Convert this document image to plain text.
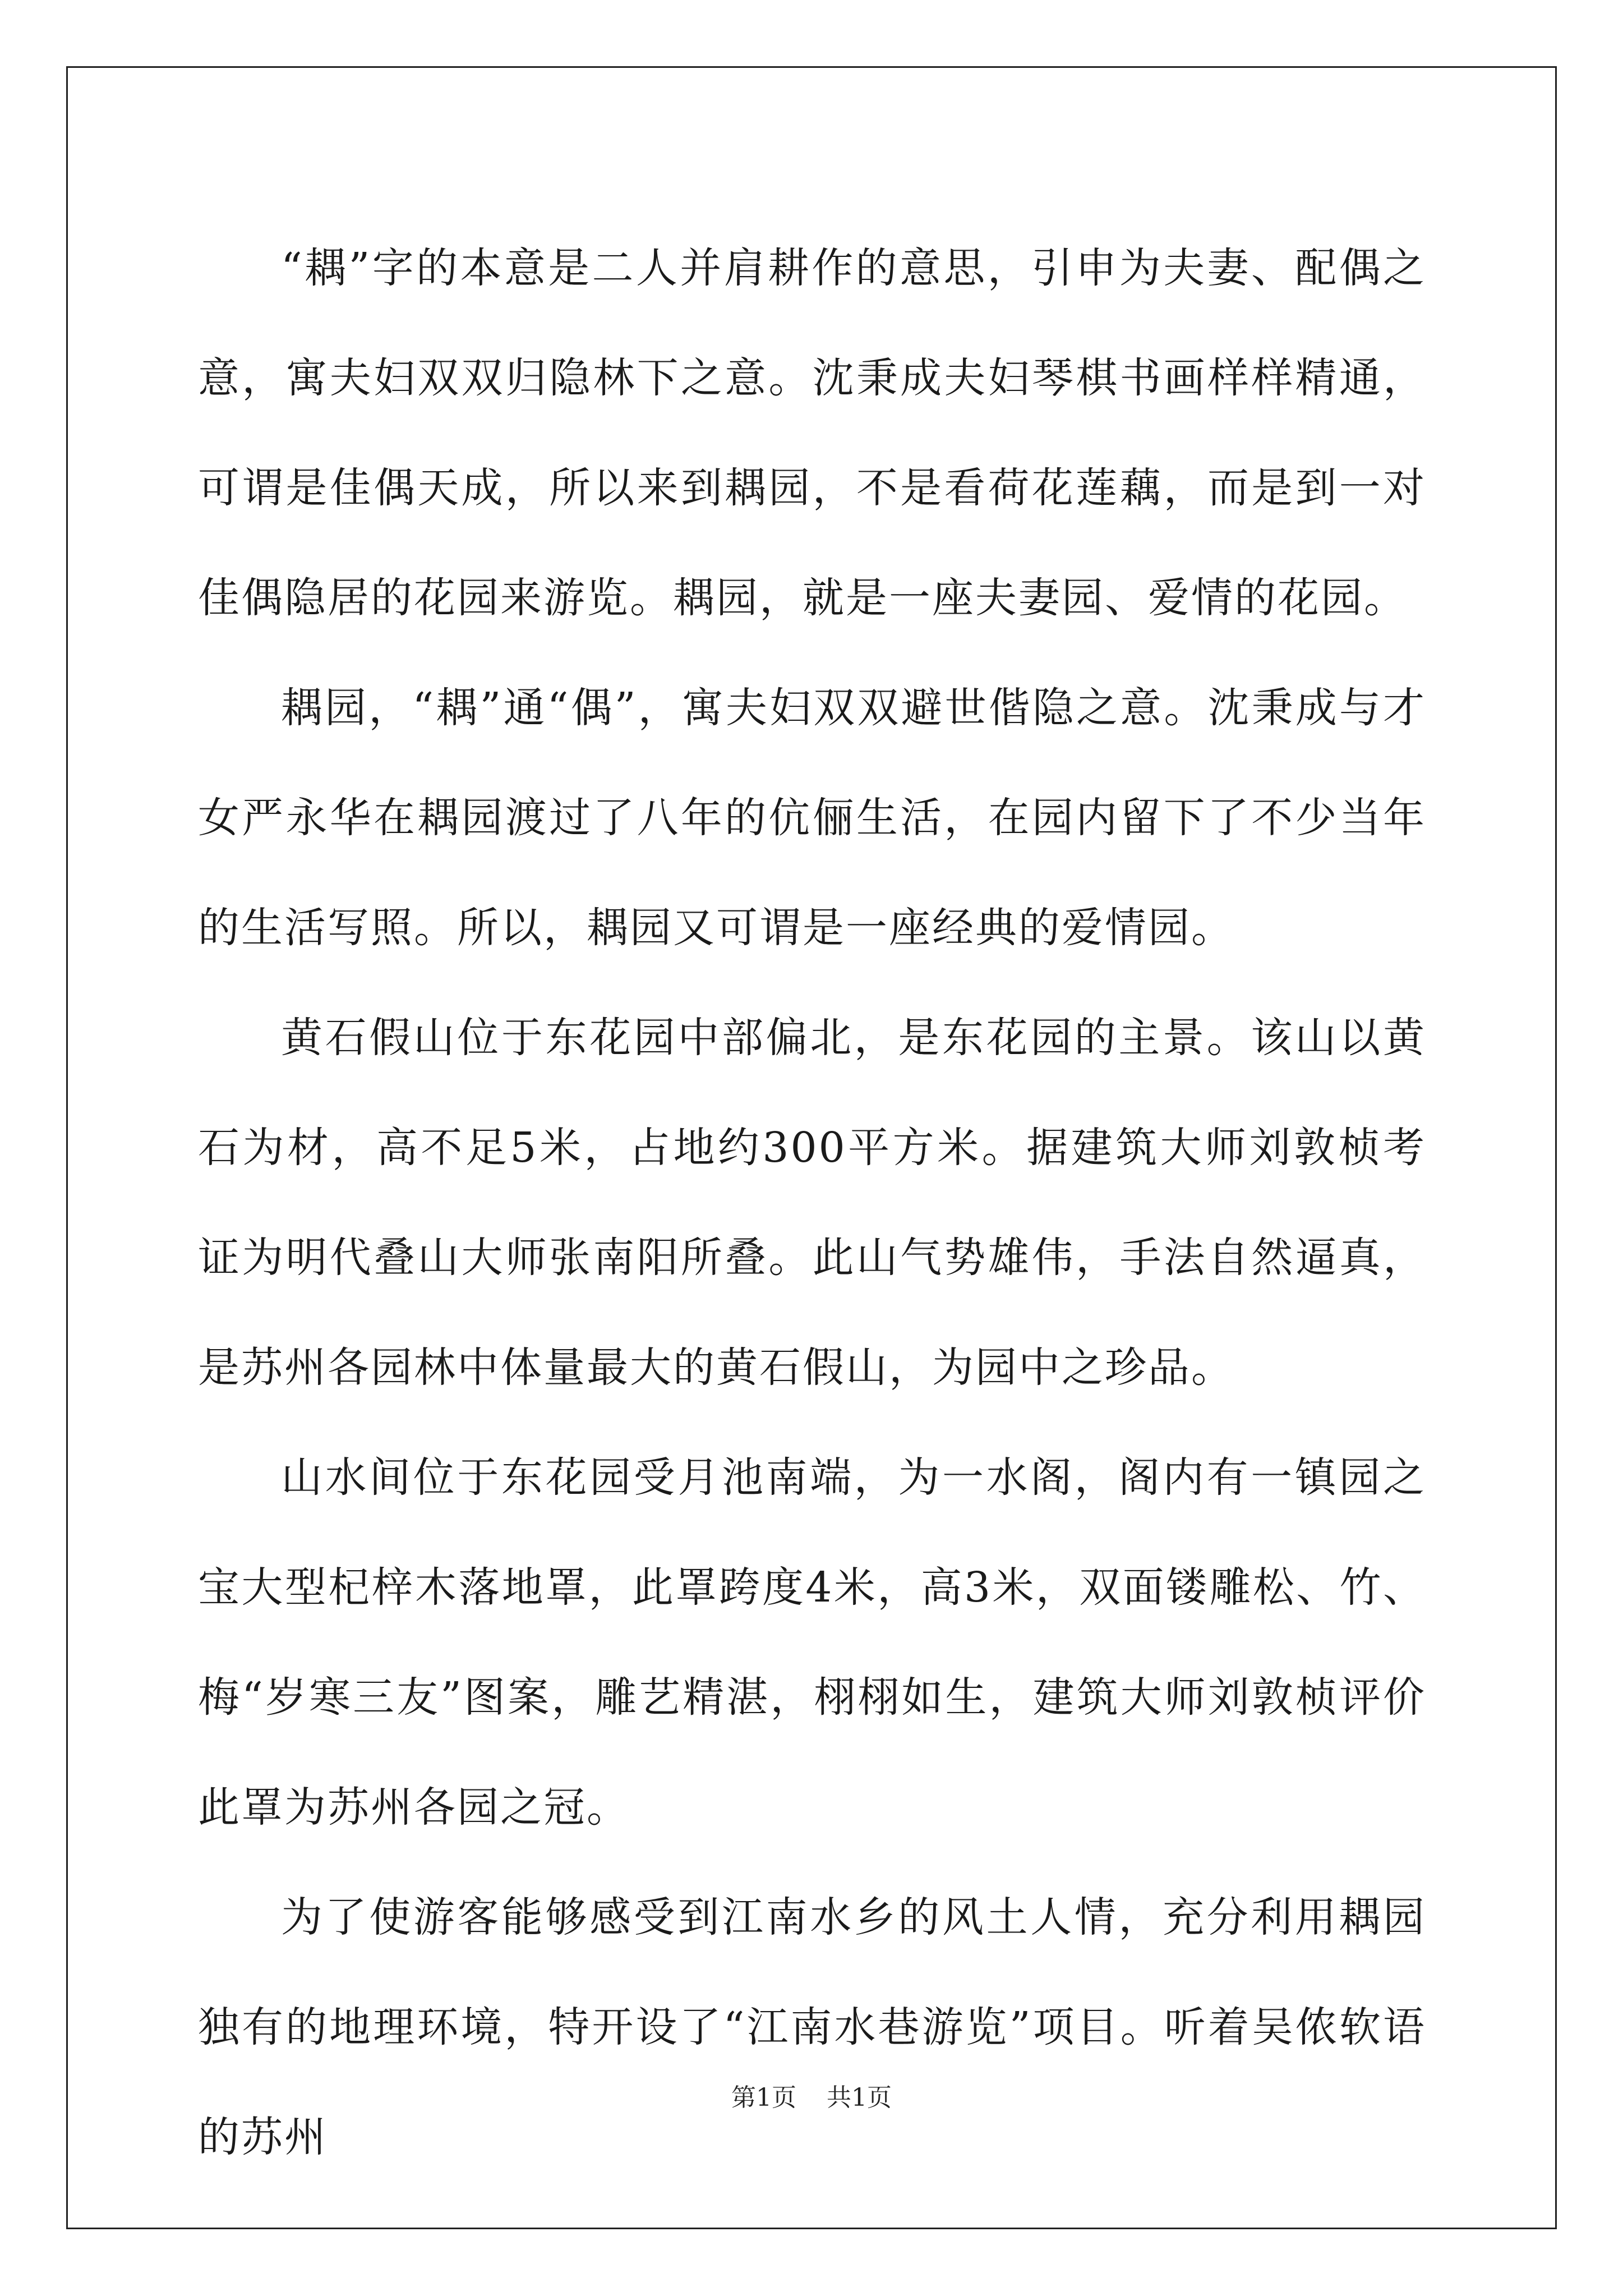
“耦”字的本意是二人并肩耕作的意思，引申为夫妻、配偶之意，寓夫妇双双归隐林下之意。沈秉成夫妇琴棋书画样样精通，可谓是佳偶天成，所以来到耦园，不是看荷花莲藕，而是到一对佳偶隐居的花园来游览。耦园，就是一座夫妻园、爱情的花园。

耦园，“耦”通“偶”，寓夫妇双双避世偕隐之意。沈秉成与才女严永华在耦园渡过了八年的伉俪生活，在园内留下了不少当年的生活写照。所以，耦园又可谓是一座经典的爱情园。

黄石假山位于东花园中部偏北，是东花园的主景。该山以黄石为材，高不足5米，占地约300平方米。据建筑大师刘敦桢考证为明代叠山大师张南阳所叠。此山气势雄伟，手法自然逼真，是苏州各园林中体量最大的黄石假山，为园中之珍品。

山水间位于东花园受月池南端，为一水阁，阁内有一镇园之宝大型杞梓木落地罩，此罩跨度4米，高3米，双面镂雕松、竹、梅“岁寒三友”图案，雕艺精湛，栩栩如生，建筑大师刘敦桢评价此罩为苏州各园之冠。

为了使游客能够感受到江南水乡的风土人情，充分利用耦园独有的地理环境，特开设了“江南水巷游览”项目。听着吴侬软语的苏州

第1页 共1页
